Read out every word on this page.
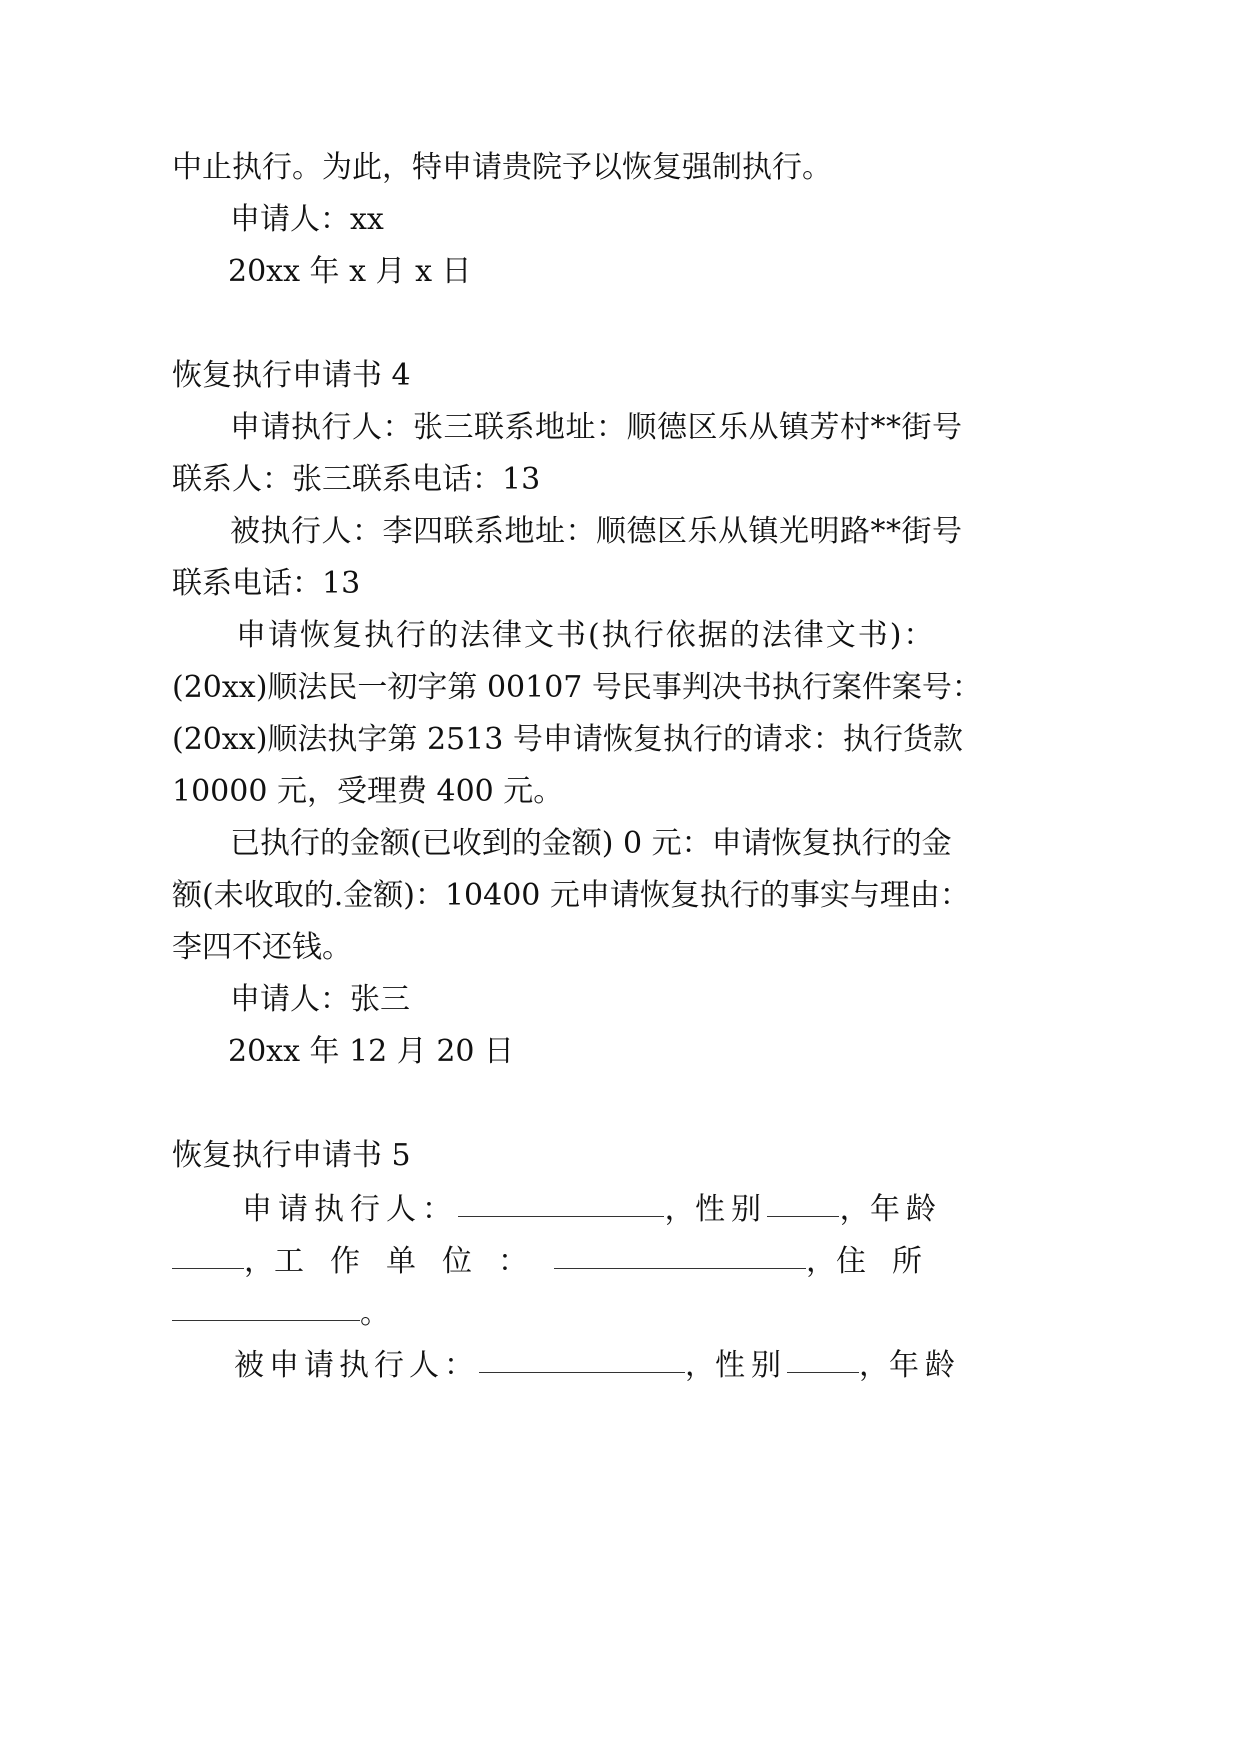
中止执行。为此，特申请贵院予以恢复强制执行。
申请人：xx
20xx 年 x 月 x 日
恢复执行申请书 4
申请执行人：张三联系地址：顺德区乐从镇芳村**街号
联系人：张三联系电话：13
被执行人：李四联系地址：顺德区乐从镇光明路**街号
联系电话：13
申请恢复执行的法律文书(执行依据的法律文书)：
(20xx)顺法民一初字第 00107 号民事判决书执行案件案号：
(20xx)顺法执字第 2513 号申请恢复执行的请求：执行货款
10000 元，受理费 400 元。
已执行的金额(已收到的金额) 0 元：申请恢复执行的金
额(未收取的.金额)：10400 元申请恢复执行的事实与理由：
李四不还钱。
申请人：张三
20xx 年 12 月 20 日
恢复执行申请书 5

申请执行人：	， 性别 ， 年龄

， 工作单位：	， 住所

。

被申请执行人：	， 性别 ， 年龄
